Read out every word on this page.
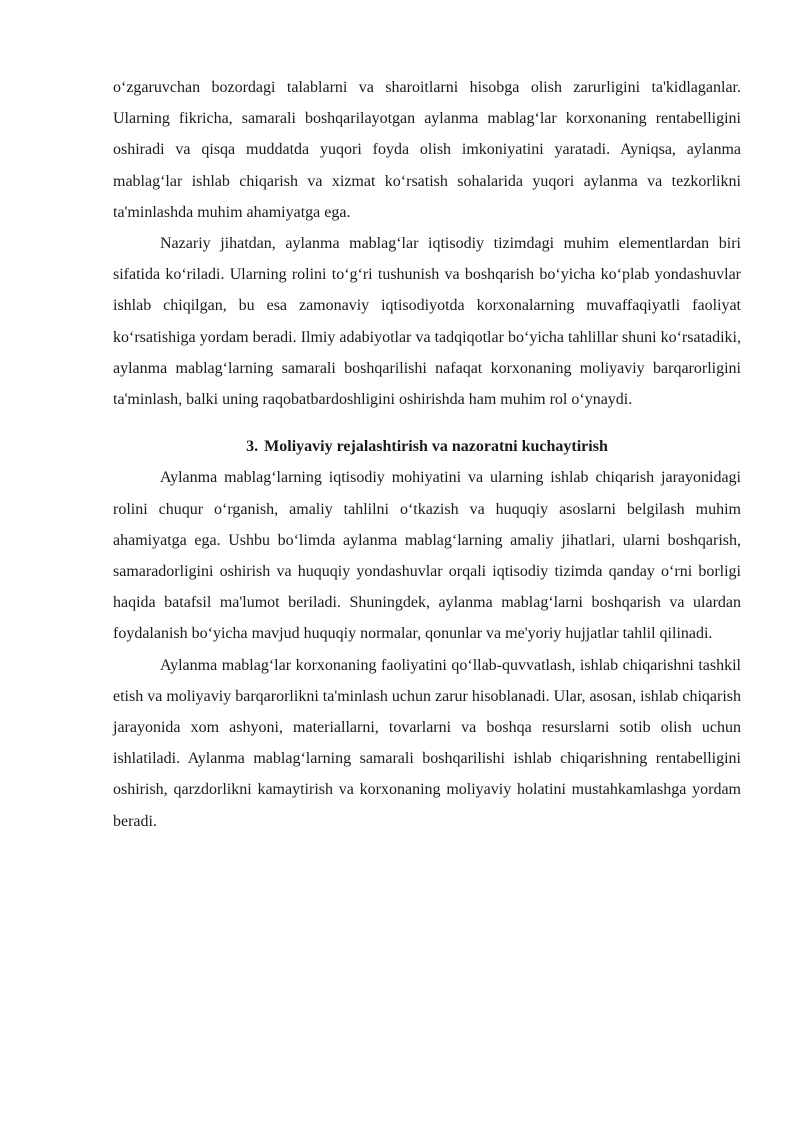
o‘zgaruvchan bozordagi talablarni va sharoitlarni hisobga olish zarurligini ta'kidlaganlar. Ularning fikricha, samarali boshqarilayotgan aylanma mablag‘lar korxonaning rentabelligini oshiradi va qisqa muddatda yuqori foyda olish imkoniyatini yaratadi. Ayniqsa, aylanma mablag‘lar ishlab chiqarish va xizmat ko‘rsatish sohalarida yuqori aylanma va tezkorlikni ta'minlashda muhim ahamiyatga ega.

Nazariy jihatdan, aylanma mablag‘lar iqtisodiy tizimdagi muhim elementlardan biri sifatida ko‘riladi. Ularning rolini to‘g‘ri tushunish va boshqarish bo‘yicha ko‘plab yondashuvlar ishlab chiqilgan, bu esa zamonaviy iqtisodiyotda korxonalarning muvaffaqiyatli faoliyat ko‘rsatishiga yordam beradi. Ilmiy adabiyotlar va tadqiqotlar bo‘yicha tahlillar shuni ko‘rsatadiki, aylanma mablag‘larning samarali boshqarilishi nafaqat korxonaning moliyaviy barqarorligini ta'minlash, balki uning raqobatbardoshligini oshirishda ham muhim rol o‘ynaydi.

3. Moliyaviy rejalashtirish va nazoratni kuchaytirish

Aylanma mablag‘larning iqtisodiy mohiyatini va ularning ishlab chiqarish jarayonidagi rolini chuqur o‘rganish, amaliy tahlilni o‘tkazish va huquqiy asoslarni belgilash muhim ahamiyatga ega. Ushbu bo‘limda aylanma mablag‘larning amaliy jihatlari, ularni boshqarish, samaradorligini oshirish va huquqiy yondashuvlar orqali iqtisodiy tizimda qanday o‘rni borligi haqida batafsil ma'lumot beriladi. Shuningdek, aylanma mablag‘larni boshqarish va ulardan foydalanish bo‘yicha mavjud huquqiy normalar, qonunlar va me'yoriy hujjatlar tahlil qilinadi.

Aylanma mablag‘lar korxonaning faoliyatini qo‘llab-quvvatlash, ishlab chiqarishni tashkil etish va moliyaviy barqarorlikni ta'minlash uchun zarur hisoblanadi. Ular, asosan, ishlab chiqarish jarayonida xom ashyoni, materiallarni, tovarlarni va boshqa resurslarni sotib olish uchun ishlatiladi. Aylanma mablag‘larning samarali boshqarilishi ishlab chiqarishning rentabelligini oshirish, qarzdorlikni kamaytirish va korxonaning moliyaviy holatini mustahkamlashga yordam beradi.
